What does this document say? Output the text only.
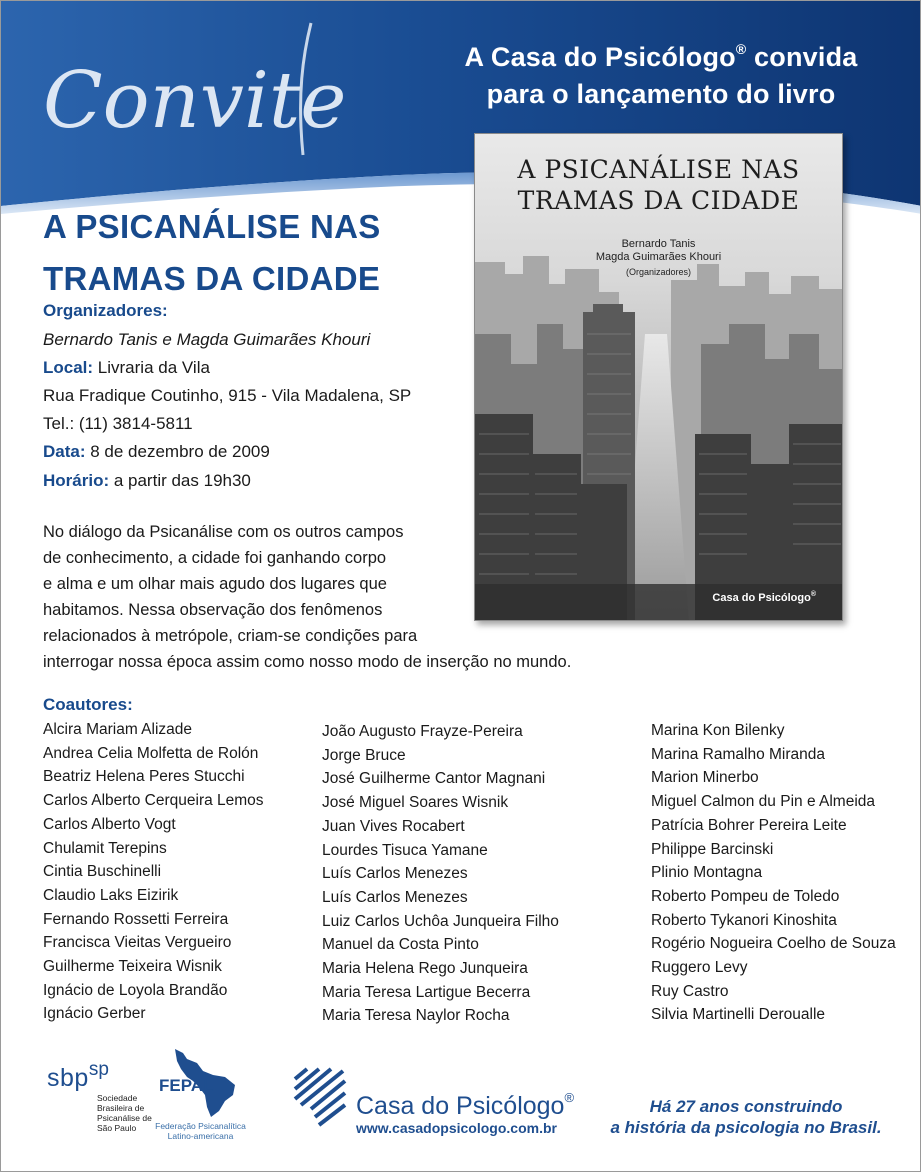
Convite	A Casa do Psicólogo® convida
para o lançamento do livro
A PSICANÁLISE NAS
TRAMAS DA CIDADE
Bernardo Tanis
Magda Guimarães Khouri
(Organizadores)
Casa do Psicólogo®
A PSICANÁLISE NAS
TRAMAS DA CIDADE
Organizadores:
Bernardo Tanis e Magda Guimarães Khouri
Local: Livraria da Vila
Rua Fradique Coutinho, 915 - Vila Madalena, SP
Tel.: (11) 3814-5811
Data: 8 de dezembro de 2009
Horário: a partir das 19h30
No diálogo da Psicanálise com os outros campos
de conhecimento, a cidade foi ganhando corpo
e alma e um olhar mais agudo dos lugares que
habitamos. Nessa observação dos fenômenos
relacionados à metrópole, criam-se condições para
interrogar nossa época assim como nosso modo de inserção no mundo.
Coautores:
Alcira Mariam Alizade
Andrea Celia Molfetta de Rolón
Beatriz Helena Peres Stucchi
Carlos Alberto Cerqueira Lemos
Carlos Alberto Vogt
Chulamit Terepins
Cintia Buschinelli
Claudio Laks Eizirik
Fernando Rossetti Ferreira
Francisca Vieitas Vergueiro
Guilherme Teixeira Wisnik
Ignácio de Loyola Brandão
Ignácio Gerber
João Augusto Frayze-Pereira
Jorge Bruce
José Guilherme Cantor Magnani
José Miguel Soares Wisnik
Juan Vives Rocabert
Lourdes Tisuca Yamane
Luís Carlos Menezes
Luís Carlos Menezes
Luiz Carlos Uchôa Junqueira Filho
Manuel da Costa Pinto
Maria Helena Rego Junqueira
Maria Teresa Lartigue Becerra
Maria Teresa Naylor Rocha
Marina Kon Bilenky
Marina Ramalho Miranda
Marion Minerbo
Miguel Calmon du Pin e Almeida
Patrícia Bohrer Pereira Leite
Philippe Barcinski
Plinio Montagna
Roberto Pompeu de Toledo
Roberto Tykanori Kinoshita
Rogério Nogueira Coelho de Souza
Ruggero Levy
Ruy Castro
Silvia Martinelli Deroualle
sbpsp
Sociedade
Brasileira de
Psicanálise de
São Paulo
FEPAL
Federação Psicanalítica
Latino-americana
Casa do Psicólogo®
www.casadopsicologo.com.br
Há 27 anos construindo
a história da psicologia no Brasil.
